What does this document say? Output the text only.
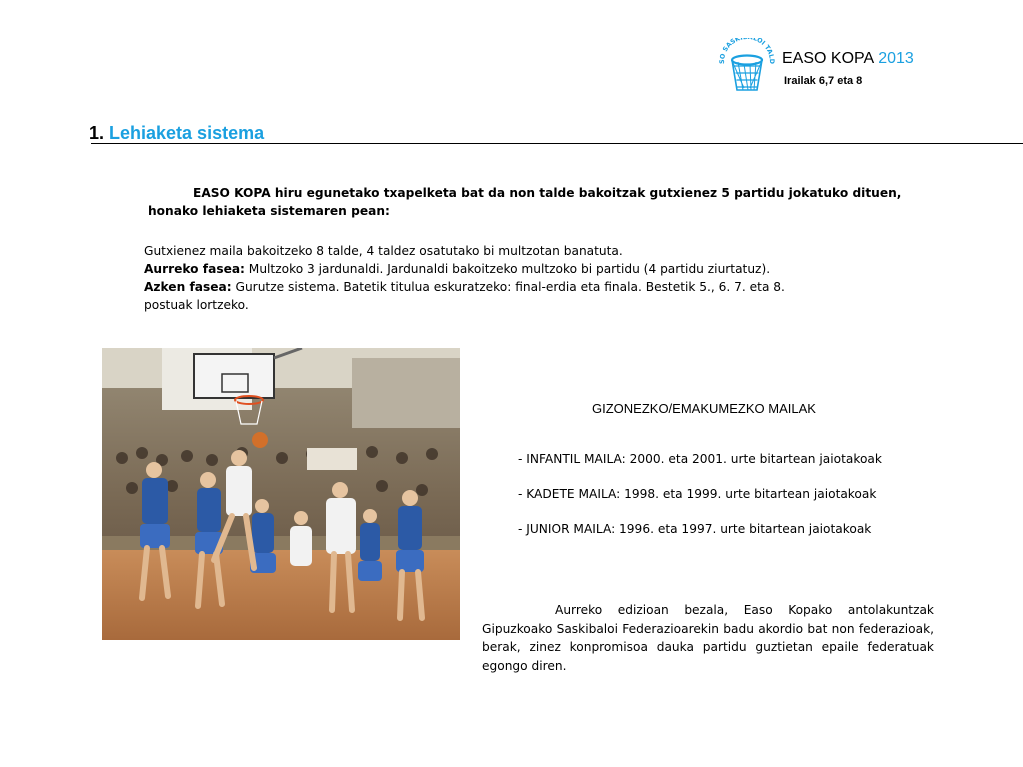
SO SASK LOI TALD EASO KOPA 2013
Irailak 6,7 eta 8
1. Lehiaketa sistema
EASO KOPA hiru egunetako txapelketa bat da non talde bakoitzak gutxienez 5 partidu jokatuko dituen,
honako lehiaketa sistemaren pean:

Gutxienez maila bakoitzeko 8 talde, 4 taldez osatutako bi multzotan banatuta.

Aurreko fasea: Multzoko 3 jardunaldi. Jardunaldi bakoitzeko multzoko bi partidu (4 partidu ziurtatuz).

Azken fasea: Gurutze sistema. Batetik titulua eskuratzeko: final-erdia eta finala. Bestetik 5., 6. 7. eta 8.

postuak lortzeko.

GIZONEZKO/EMAKUMEZKO MAILAK
- INFANTIL MAILA: 2000. eta 2001. urte bitartean jaiotakoak
- KADETE MAILA: 1998. eta 1999. urte bitartean jaiotakoak
- JUNIOR MAILA: 1996. eta 1997. urte bitartean jaiotakoak
Aurreko edizioan bezala, Easo Kopako antolakuntzak Gipuzkoako Saskibaloi Federazioarekin badu akordio bat non federazioak, berak, zinez konpromisoa dauka partidu guztietan epaile federatuak egongo diren.
